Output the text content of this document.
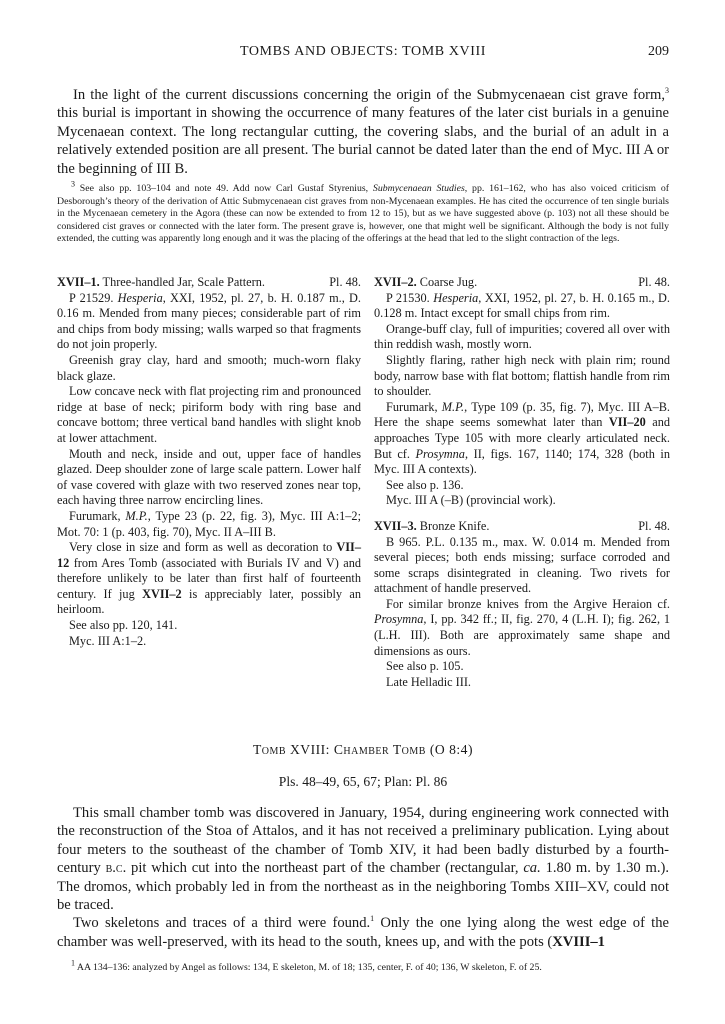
TOMBS AND OBJECTS: TOMB XVIII	209

In the light of the current discussions concerning the origin of the Submycenaean cist grave form,$^3$ this burial is important in showing the occurrence of many features of the later cist burials in a genuine Mycenaean context. The long rectangular cutting, the covering slabs, and the burial of an adult in a relatively extended position are all present. The burial cannot be dated later than the end of Myc. III A or the beginning of III B.

$^3$ See also pp. 103–104 and note 49. Add now Carl Gustaf Styrenius, Submycenaean Studies, pp. 161–162, who has also voiced criticism of Desborough’s theory of the derivation of Attic Submycenaean cist graves from non-Mycenaean examples. He has cited the occurrence of ten single burials in the Mycenaean cemetery in the Agora (these can now be extended to from 12 to 15), but as we have suggested above (p. 103) not all these should be considered cist graves or connected with the later form. The present grave is, however, one that might well be significant. Although the body is not fully extended, the cutting was apparently long enough and it was the placing of the offerings at the head that led to the slight contraction of the legs.

XVII–1. Three-handled Jar, Scale Pattern.	Pl. 48.

P 21529. Hesperia, XXI, 1952, pl. 27, b. H. 0.187 m., D. 0.16 m. Mended from many pieces; considerable part of rim and chips from body missing; walls warped so that fragments do not join properly.

Greenish gray clay, hard and smooth; much-worn flaky black glaze.

Low concave neck with flat projecting rim and pronounced ridge at base of neck; piriform body with ring base and concave bottom; three vertical band handles with slight knob at lower attachment.

Mouth and neck, inside and out, upper face of handles glazed. Deep shoulder zone of large scale pattern. Lower half of vase covered with glaze with two reserved zones near top, each having three narrow encircling lines.

Furumark, M.P., Type 23 (p. 22, fig. 3), Myc. III A:1–2; Mot. 70: 1 (p. 403, fig. 70), Myc. II A–III B.

Very close in size and form as well as decoration to VII–12 from Ares Tomb (associated with Burials IV and V) and therefore unlikely to be later than first half of fourteenth century. If jug XVII–2 is appreciably later, possibly an heirloom.

See also pp. 120, 141.

Myc. III A:1–2.

XVII–2. Coarse Jug.	Pl. 48.

P 21530. Hesperia, XXI, 1952, pl. 27, b. H. 0.165 m., D. 0.128 m. Intact except for small chips from rim.

Orange-buff clay, full of impurities; covered all over with thin reddish wash, mostly worn.

Slightly flaring, rather high neck with plain rim; round body, narrow base with flat bottom; flattish handle from rim to shoulder.

Furumark, M.P., Type 109 (p. 35, fig. 7), Myc. III A–B. Here the shape seems somewhat later than VII–20 and approaches Type 105 with more clearly articulated neck. But cf. Prosymna, II, figs. 167, 1140; 174, 328 (both in Myc. III A contexts).

See also p. 136.

Myc. III A (–B) (provincial work).

XVII–3. Bronze Knife.	Pl. 48.

B 965. P.L. 0.135 m., max. W. 0.014 m. Mended from several pieces; both ends missing; surface corroded and some scraps disintegrated in cleaning. Two rivets for attachment of handle preserved.

For similar bronze knives from the Argive Heraion cf. Prosymna, I, pp. 342 ff.; II, fig. 270, 4 (L.H. I); fig. 262, 1 (L.H. III). Both are approximately same shape and dimensions as ours.

See also p. 105.

Late Helladic III.

Tomb XVIII: Chamber Tomb (O 8:4)
Pls. 48–49, 65, 67; Plan: Pl. 86

This small chamber tomb was discovered in January, 1954, during engineering work connected with the reconstruction of the Stoa of Attalos, and it has not received a preliminary publication. Lying about four meters to the southeast of the chamber of Tomb XIV, it had been badly disturbed by a fourth-century b.c. pit which cut into the northeast part of the chamber (rectangular, ca. 1.80 m. by 1.30 m.). The dromos, which probably led in from the northeast as in the neighboring Tombs XIII–XV, could not be traced.

Two skeletons and traces of a third were found.$^1$ Only the one lying along the west edge of the chamber was well-preserved, with its head to the south, knees up, and with the pots (XVIII–1

$^1$ AA 134–136: analyzed by Angel as follows: 134, E skeleton, M. of 18; 135, center, F. of 40; 136, W skeleton, F. of 25.
